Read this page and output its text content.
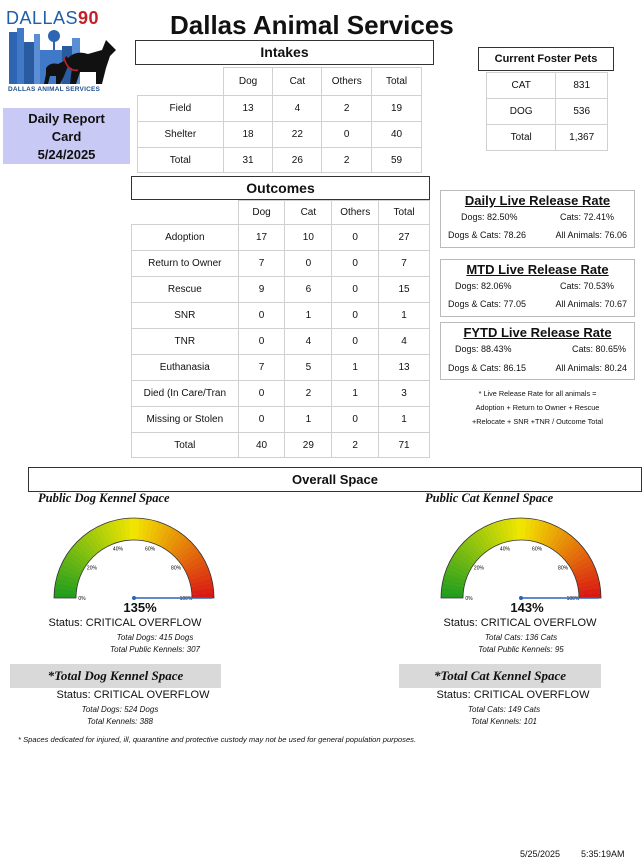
DALLAS90
DALLAS ANIMAL SERVICES
Dallas Animal Services
Daily Report
Card
5/24/2025
Intakes
	Dog	Cat	Others	Total
Field	13	4	2	19
Shelter	18	22	0	40
Total	31	26	2	59
Current Foster Pets
CAT	831
DOG	536
Total	1,367
Outcomes
	Dog	Cat	Others	Total
Adoption	17	10	0	27
Return to Owner	7	0	0	7
Rescue	9	6	0	15
SNR	0	1	0	1
TNR	0	4	0	4
Euthanasia	7	5	1	13
Died (In Care/Tran	0	2	1	3
Missing or Stolen	0	1	0	1
Total	40	29	2	71
Daily Live Release Rate
Dogs: 82.50%	Cats: 72.41%
Dogs & Cats: 78.26	All Animals: 76.06
MTD Live Release Rate
Dogs: 82.06%	Cats: 70.53%
Dogs & Cats: 77.05	All Animals: 70.67
FYTD Live Release Rate
Dogs: 88.43%	Cats: 80.65%
Dogs & Cats: 86.15	All Animals: 80.24
* Live Release Rate for all animals =
Adoption + Return to Owner + Rescue
+Relocate + SNR +TNR / Outcome Total
Overall Space
Public Dog Kennel Space
0%
20%
40%	60%
80%
100%
135%
Status: CRITICAL OVERFLOW
Total Dogs: 415 Dogs
Total Public Kennels: 307
Public Cat Kennel Space
0%
20%
40%	60%
80%
100%
143%
Status: CRITICAL OVERFLOW
Total Cats: 136 Cats
Total Public Kennels: 95
*Total Dog Kennel Space
Status: CRITICAL OVERFLOW
Total Dogs: 524 Dogs
Total Kennels: 388
*Total Cat Kennel Space
Status: CRITICAL OVERFLOW
Total Cats: 149 Cats
Total Kennels: 101
* Spaces dedicated for injured, ill, quarantine and protective custody may not be used for general population purposes.
5/25/2025 5:35:19AM
